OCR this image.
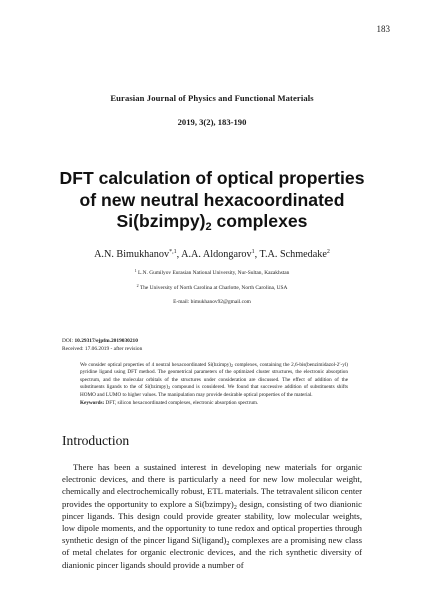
183
Eurasian Journal of Physics and Functional Materials
2019, 3(2), 183-190
DFT calculation of optical properties
of new neutral hexacoordinated
$Si(bzimpy)_2$ complexes
A.N. Bimukhanov$^{*,1}$, A.A. Aldongarov$^1$, T.A. Schmedake$^2$
$^1$ L.N. Gumilyov Eurasian National University, Nur-Sultan, Kazakhstan
$^2$ The University of North Carolina at Charlotte, North Carolina, USA
E-mail: bimukhanov92@gmail.com
DOI: 10.29317/ejpfm.2019030210
Received: 17.06.2019 - after revision

We consider optical properties of 4 neutral hexacoordinated $Si(bzimpy)_2$ complexes, containing the 2,6-bis(benzimidazol-2′-yl) pyridine ligand using DFT method. The geometrical parameters of the optimized cluster structures, the electronic absorption spectrum, and the molecular orbitals of the structures under consideration are discussed. The effect of addition of the substituents ligands to the of $Si(bzimpy)_2$ compound is considered. We found that successive addition of substituents shifts HOMO and LUMO to higher values. The manipulation may provide desirable optical properties of the material.

Keywords: DFT, silicon hexacoordinated complexes, electronic absorption spectrum.

Introduction

There has been a sustained interest in developing new materials for organic electronic devices, and there is particularly a need for new low molecular weight, chemically and electrochemically robust, ETL materials. The tetravalent silicon center provides the opportunity to explore a $Si(bzimpy)_2$ design, consisting of two dianionic pincer ligands. This design could provide greater stability, low molecular weights, low dipole moments, and the opportunity to tune redox and optical properties through synthetic design of the pincer ligand $Si(ligand)_2$ complexes are a promising new class of metal chelates for organic electronic devices, and the rich synthetic diversity of dianionic pincer ligands should provide a number of
